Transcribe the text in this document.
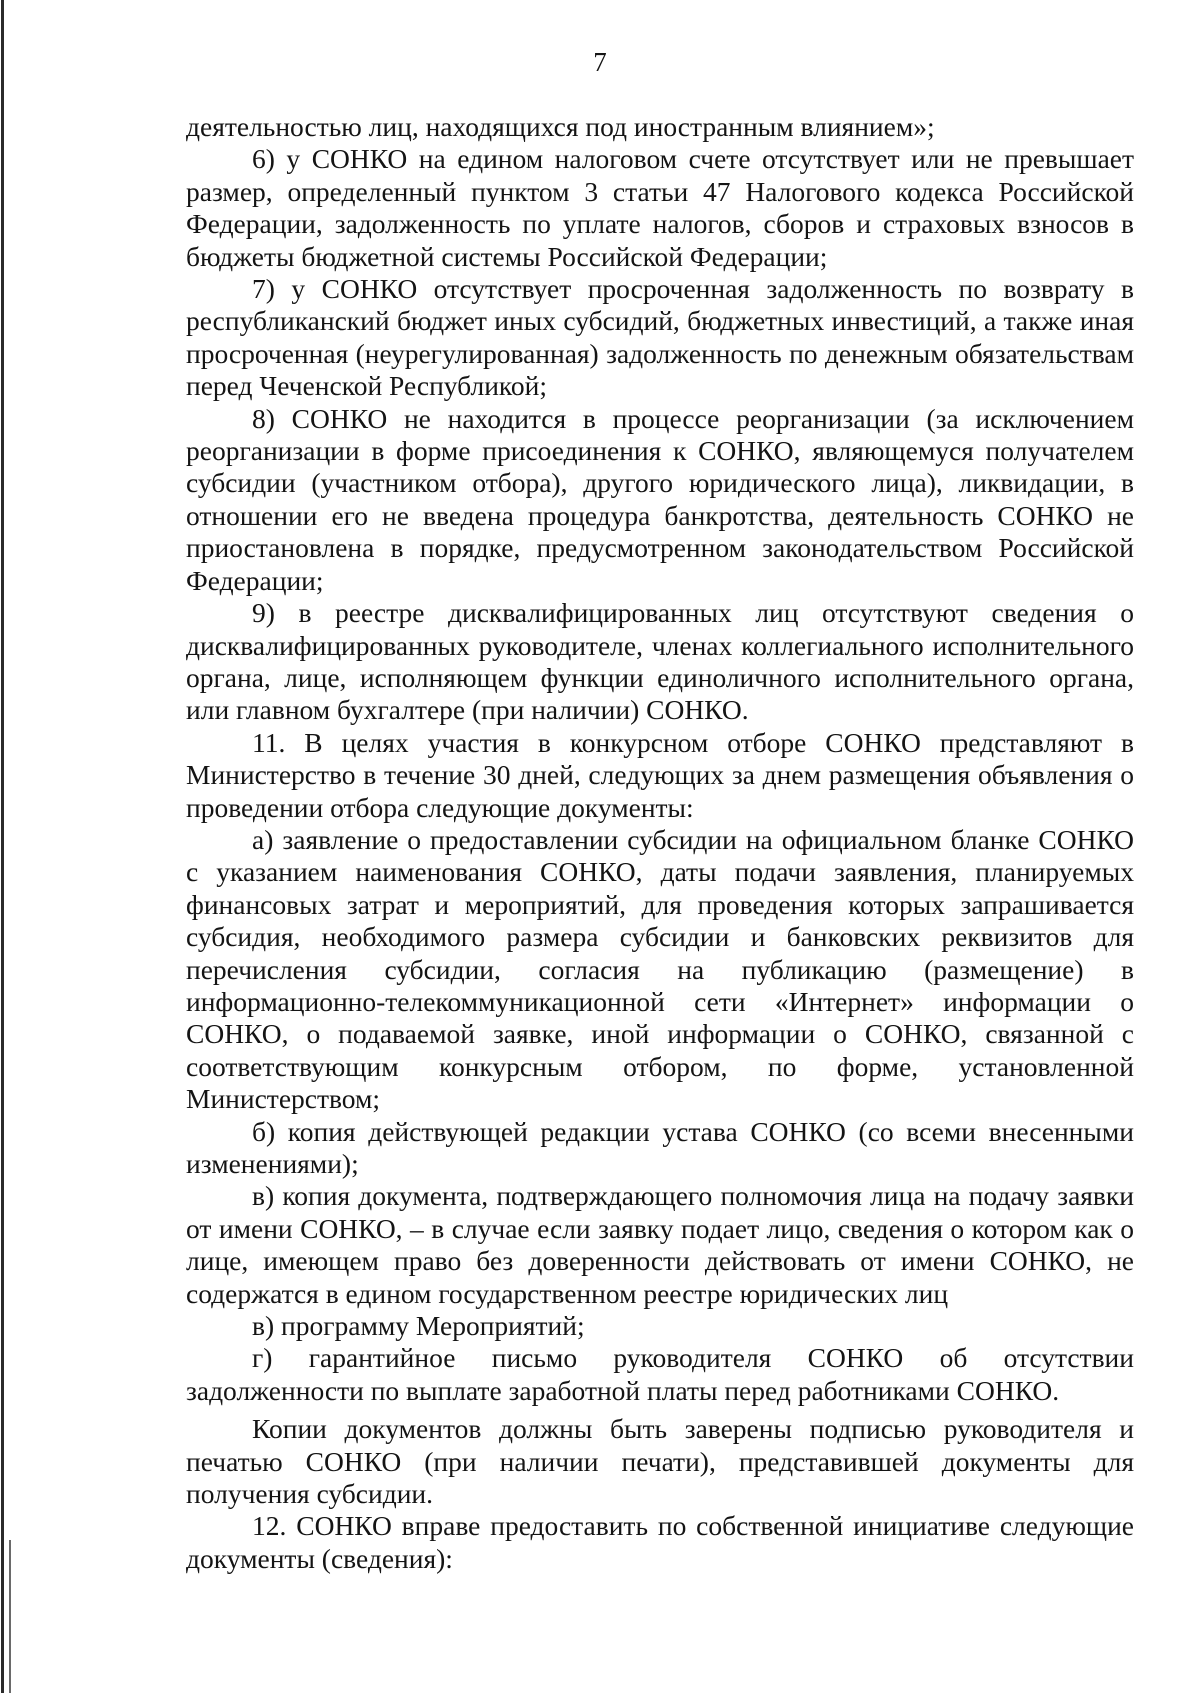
7

деятельностью лиц, находящихся под иностранным влиянием»;

6) у СОНКО на едином налоговом счете отсутствует или не превышает размер, определенный пунктом 3 статьи 47 Налогового кодекса Российской Федерации, задолженность по уплате налогов, сборов и страховых взносов в бюджеты бюджетной системы Российской Федерации;

7) у СОНКО отсутствует просроченная задолженность по возврату в республиканский бюджет иных субсидий, бюджетных инвестиций, а также иная просроченная (неурегулированная) задолженность по денежным обязательствам перед Чеченской Республикой;

8) СОНКО не находится в процессе реорганизации (за исключением реорганизации в форме присоединения к СОНКО, являющемуся получателем субсидии (участником отбора), другого юридического лица), ликвидации, в отношении его не введена процедура банкротства, деятельность СОНКО не приостановлена в порядке, предусмотренном законодательством Российской Федерации;

9) в реестре дисквалифицированных лиц отсутствуют сведения о дисквалифицированных руководителе, членах коллегиального исполнительного органа, лице, исполняющем функции единоличного исполнительного органа, или главном бухгалтере (при наличии) СОНКО.

11. В целях участия в конкурсном отборе СОНКО представляют в Министерство в течение 30 дней, следующих за днем размещения объявления о проведении отбора следующие документы:

а) заявление о предоставлении субсидии на официальном бланке СОНКО с указанием наименования СОНКО, даты подачи заявления, планируемых финансовых затрат и мероприятий, для проведения которых запрашивается субсидия, необходимого размера субсидии и банковских реквизитов для перечисления субсидии, согласия на публикацию (размещение) в информационно-телекоммуникационной сети «Интернет» информации о СОНКО, о подаваемой заявке, иной информации о СОНКО, связанной с соответствующим конкурсным отбором, по форме, установленной Министерством;

б) копия действующей редакции устава СОНКО (со всеми внесенными изменениями);

в) копия документа, подтверждающего полномочия лица на подачу заявки от имени СОНКО, – в случае если заявку подает лицо, сведения о котором как о лице, имеющем право без доверенности действовать от имени СОНКО, не содержатся в едином государственном реестре юридических лиц

в) программу Мероприятий;

г) гарантийное письмо руководителя СОНКО об отсутствии задолженности по выплате заработной платы перед работниками СОНКО.

Копии документов должны быть заверены подписью руководителя и печатью СОНКО (при наличии печати), представившей документы для получения субсидии.

12. СОНКО вправе предоставить по собственной инициативе следующие документы (сведения):
